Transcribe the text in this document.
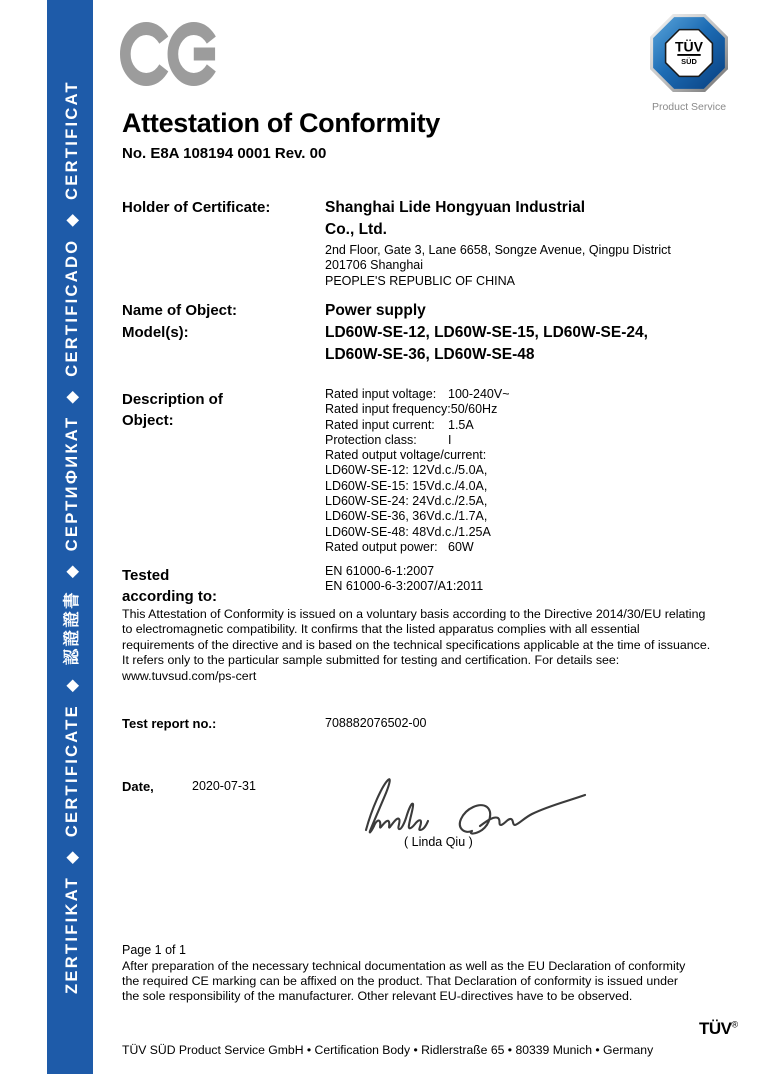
ZERTIFIKAT ◆ CERTIFICATE ◆ 認證證書 ◆ СЕРТИФИКАТ ◆ CERTIFICADO ◆ CERTIFICAT
TÜV
SÜD
Product Service
Attestation of Conformity
No. E8A 108194 0001 Rev. 00
Holder of Certificate:	Shanghai Lide Hongyuan Industrial
Co., Ltd.
2nd Floor, Gate 3, Lane 6658, Songze Avenue, Qingpu District
201706 Shanghai
PEOPLE'S REPUBLIC OF CHINA
Name of Object:	Power supply
Model(s):	LD60W-SE-12, LD60W-SE-15, LD60W-SE-24,
LD60W-SE-36, LD60W-SE-48
Description of
Object:
Rated input voltage: 100-240V~
Rated input frequency: 50/60Hz
Rated input current:	1.5A
Protection class:	I
Rated output voltage/current:
LD60W-SE-12: 12Vd.c./5.0A,
LD60W-SE-15: 15Vd.c./4.0A,
LD60W-SE-24: 24Vd.c./2.5A,
LD60W-SE-36, 36Vd.c./1.7A,
LD60W-SE-48: 48Vd.c./1.25A
Rated output power: 60W
Tested
according to:
EN 61000-6-1:2007
EN 61000-6-3:2007/A1:2011
This Attestation of Conformity is issued on a voluntary basis according to the Directive 2014/30/EU relating to electromagnetic compatibility. It confirms that the listed apparatus complies with all essential requirements of the directive and is based on the technical specifications applicable at the time of issuance. It refers only to the particular sample submitted for testing and certification. For details see: www.tuvsud.com/ps-cert
Test report no.:	708882076502-00
Date,	2020-07-31
( Linda Qiu )
Page 1 of 1
After preparation of the necessary technical documentation as well as the EU Declaration of conformity the required CE marking can be affixed on the product. That Declaration of conformity is issued under the sole responsibility of the manufacturer. Other relevant EU-directives have to be observed.
TÜV®
TÜV SÜD Product Service GmbH • Certification Body • Ridlerstraße 65 • 80339 Munich • Germany
